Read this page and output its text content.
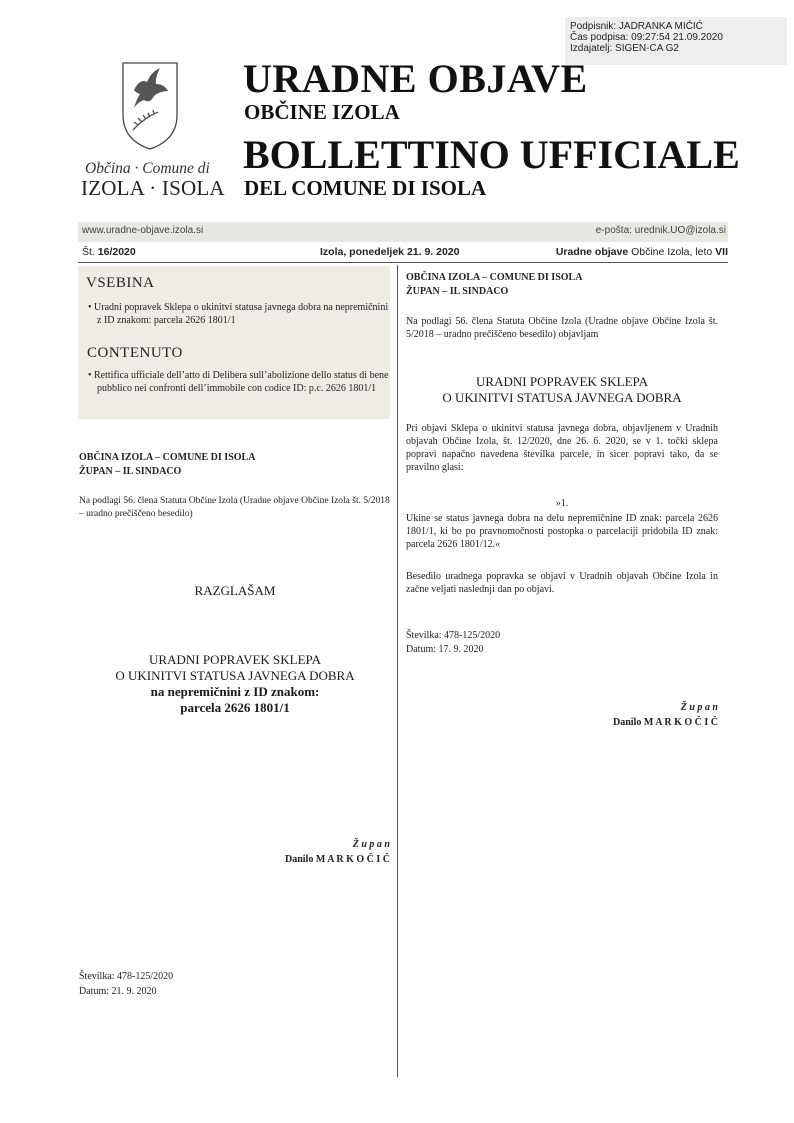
Podpisnik: JADRANKA MIĆIĆ
Čas podpisa: 09:27:54 21.09.2020
Izdajatelj: SIGEN-CA G2
Občina · Comune di
IZOLA · ISOLA
URADNE OBJAVE
OBČINE IZOLA
BOLLETTINO UFFICIALE
DEL COMUNE DI ISOLA
www.uradne-objave.izola.si	e-pošta: urednik.UO@izola.si
Št. 16/2020	Izola, ponedeljek 21. 9. 2020	Uradne objave Občine Izola, leto VII
VSEBINA
• Uradni popravek Sklepa o ukinitvi statusa javnega dobra na nepremičnini z ID znakom: parcela 2626 1801/1
CONTENUTO
• Rettifica ufficiale dell’atto di Delibera sull’abolizione dello status di bene pubblico nei confronti dell’immobile con codice ID: p.c. 2626 1801/1
OBČINA IZOLA – COMUNE DI ISOLA
ŽUPAN – IL SINDACO
Na podlagi 56. člena Statuta Občine Izola (Uradne objave Občine Izola št. 5/2018 – uradno prečiščeno besedilo)
RAZGLAŠAM
URADNI POPRAVEK SKLEPA
O UKINITVI STATUSA JAVNEGA DOBRA
na nepremičnini z ID znakom:
parcela 2626 1801/1
Ž u p a n
Danilo M A R K O Č I Č
Številka: 478-125/2020
Datum: 21. 9. 2020
OBČINA IZOLA – COMUNE DI ISOLA
ŽUPAN – IL SINDACO
Na podlagi 56. člena Statuta Občine Izola (Uradne objave Občine Izola št. 5/2018 – uradno prečiščeno besedilo) objavljam
URADNI POPRAVEK SKLEPA
O UKINITVI STATUSA JAVNEGA DOBRA
Pri objavi Sklepa o ukinitvi statusa javnega dobra, objavljenem v Uradnih objavah Občine Izola, št. 12/2020, dne 26. 6. 2020, se v 1. točki sklepa popravi napačno navedena številka parcele, in sicer popravi tako, da se pravilno glasi:
»1.
Ukine se status javnega dobra na delu nepremičnine ID znak: parcela 2626 1801/1, ki bo po pravnomočnosti postopka o parcelaciji pridobila ID znak: parcela 2626 1801/12.«
Besedilo uradnega popravka se objavi v Uradnih objavah Občine Izola in začne veljati naslednji dan po objavi.
Številka: 478-125/2020
Datum: 17. 9. 2020
Ž u p a n
Danilo M A R K O Č I Č
